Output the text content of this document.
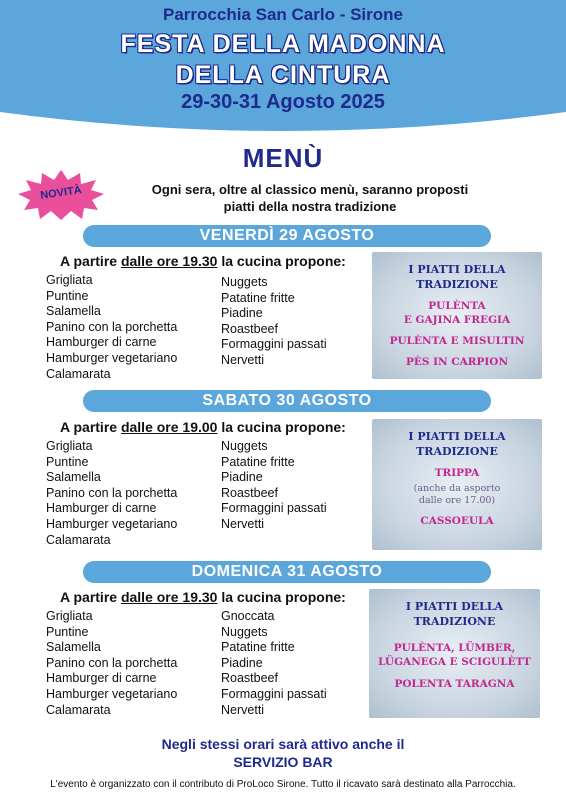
Parrocchia San Carlo - Sirone
FESTA DELLA MADONNA
DELLA CINTURA
29-30-31 Agosto 2025
MENÙ
NOVITÀ	Ogni sera, oltre al classico menù, saranno proposti
piatti della nostra tradizione
VENERDÌ 29 AGOSTO
A partire dalle ore 19.30 la cucina propone:
Grigliata
Puntine
Salamella
Panino con la porchetta
Hamburger di carne
Hamburger vegetariano
Calamarata
Nuggets
Patatine fritte
Piadine
Roastbeef
Formaggini passati
Nervetti
I PIATTI DELLA
TRADIZIONE
PULÈNTA
E GAJINA FREGIA
PULÈNTA E MISULTIN
PÈS IN CARPION
SABATO 30 AGOSTO
A partire dalle ore 19.00 la cucina propone:
Grigliata
Puntine
Salamella
Panino con la porchetta
Hamburger di carne
Hamburger vegetariano
Calamarata
Nuggets
Patatine fritte
Piadine
Roastbeef
Formaggini passati
Nervetti
I PIATTI DELLA
TRADIZIONE
TRIPPA
(anche da asporto
dalle ore 17.00)
CASSOEULA
DOMENICA 31 AGOSTO
A partire dalle ore 19.30 la cucina propone:
Grigliata
Puntine
Salamella
Panino con la porchetta
Hamburger di carne
Hamburger vegetariano
Calamarata
Gnoccata
Nuggets
Patatine fritte
Piadine
Roastbeef
Formaggini passati
Nervetti
I PIATTI DELLA
TRADIZIONE
PULÈNTA, LÜMBER,
LÜGANEGA E SCIGULÈTT
POLENTA TARAGNA
Negli stessi orari sarà attivo anche il
SERVIZIO BAR
L'evento è organizzato con il contributo di ProLoco Sirone. Tutto il ricavato sarà destinato alla Parrocchia.
